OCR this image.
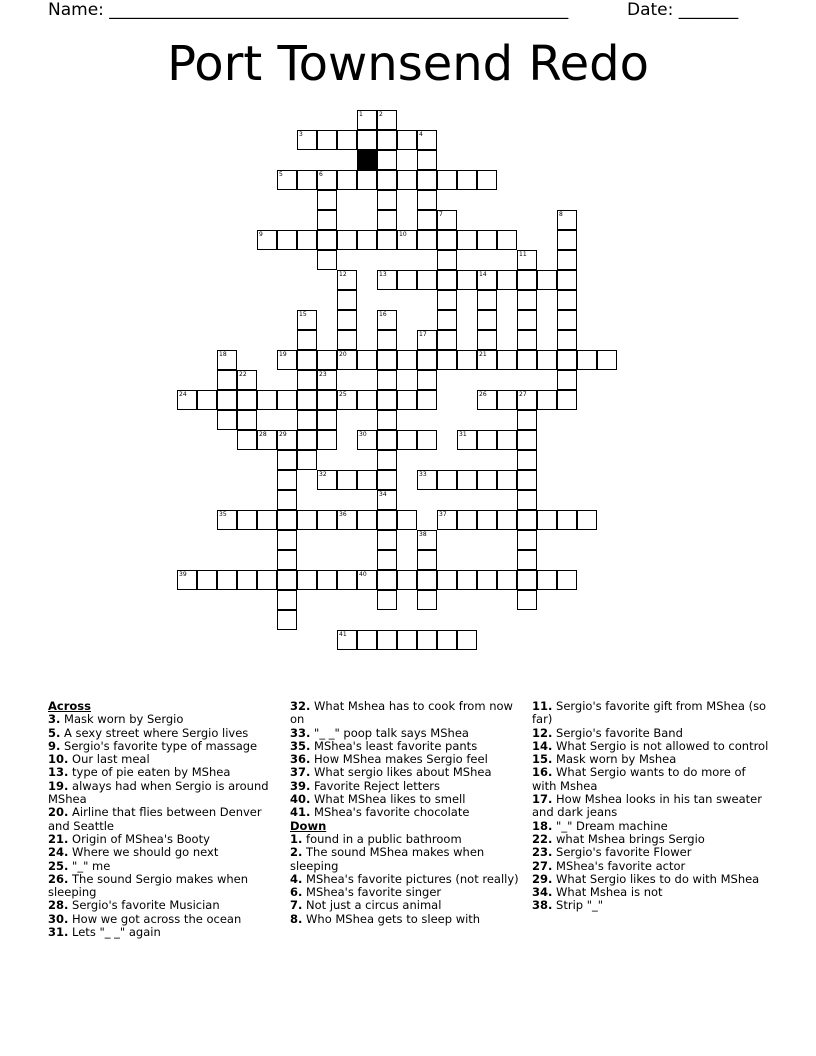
Name: ______________________________________________________	Date: _______
Port Townsend Redo
1	2
3	4
5	6
7	8
9	10
11
12
20
13	14
21
15	16
34
17
18	19
22	23
24	25	26	27
28 29	30	31
32	33
35	36	37
38
39	40
41
Across
3. Mask worn by Sergio
5. A sexy street where Sergio lives
9. Sergio's favorite type of massage
10. Our last meal
13. type of pie eaten by MShea
19. always had when Sergio is around MShea
20. Airline that flies between Denver and Seattle
21. Origin of MShea's Booty
24. Where we should go next
25. "_" me
26. The sound Sergio makes when sleeping
28. Sergio's favorite Musician
30. How we got across the ocean
31. Lets "_ _" again
32. What Mshea has to cook from now on
33. "_ _" poop talk says MShea
35. MShea's least favorite pants
36. How MShea makes Sergio feel
37. What sergio likes about MShea
39. Favorite Reject letters
40. What MShea likes to smell
41. MShea's favorite chocolate
Down
1. found in a public bathroom
2. The sound MShea makes when sleeping
4. MShea's favorite pictures (not really)
6. MShea's favorite singer
7. Not just a circus animal
8. Who MShea gets to sleep with
11. Sergio's favorite gift from MShea (so far)
12. Sergio's favorite Band
14. What Sergio is not allowed to control
15. Mask worn by Mshea
16. What Sergio wants to do more of with Mshea
17. How Mshea looks in his tan sweater and dark jeans
18. "_" Dream machine
22. what Mshea brings Sergio
23. Sergio's favorite Flower
27. MShea's favorite actor
29. What Sergio likes to do with MShea
34. What Mshea is not
38. Strip "_"
